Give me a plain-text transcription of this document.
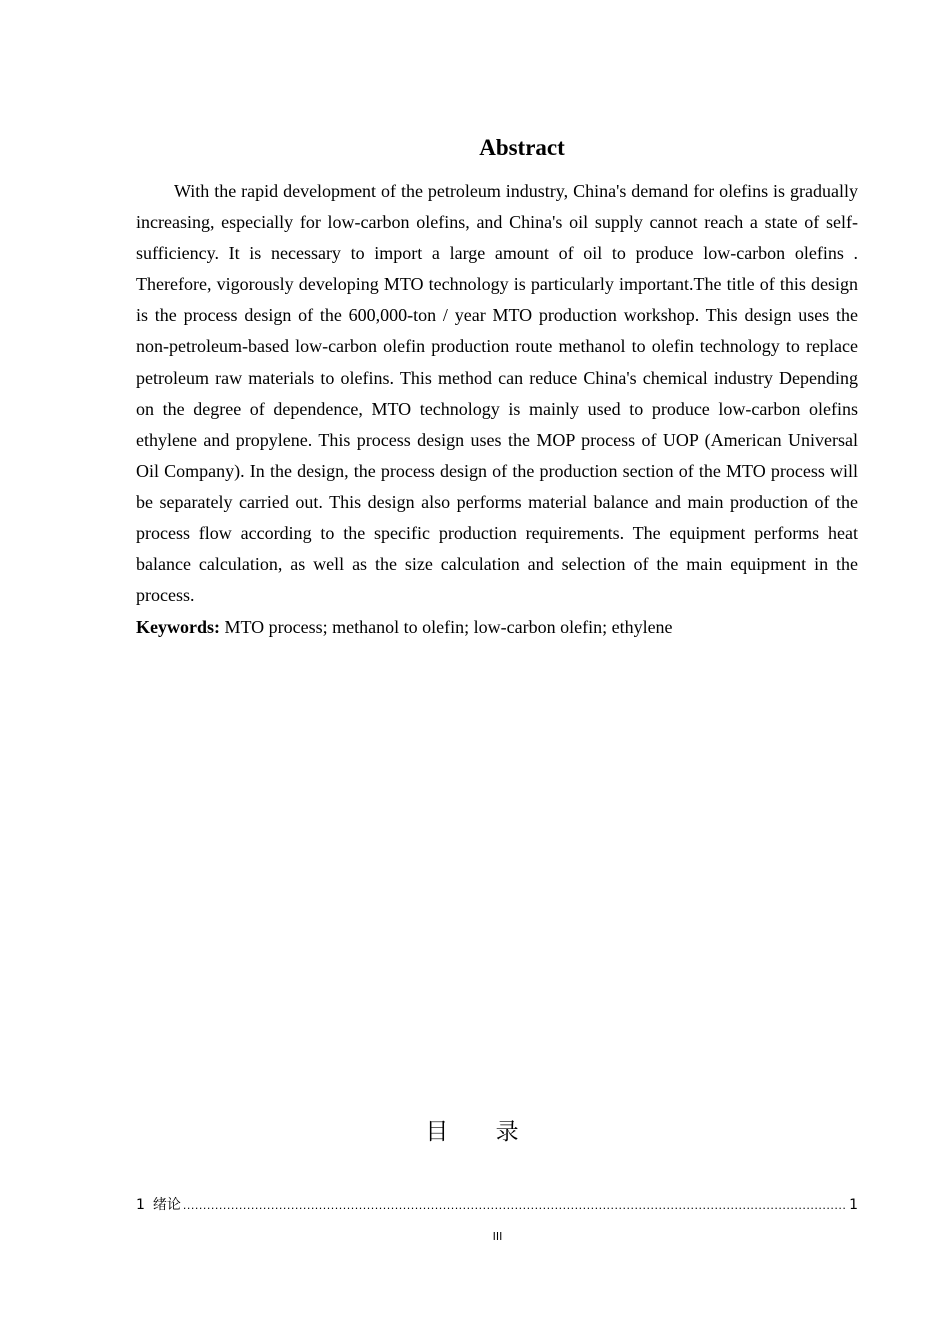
Abstract

With the rapid development of the petroleum industry, China's demand for olefins is gradually increasing, especially for low-carbon olefins, and China's oil supply cannot reach a state of self-sufficiency. It is necessary to import a large amount of oil to produce low-carbon olefins . Therefore, vigorously developing MTO technology is particularly important.The title of this design is the process design of the 600,000-ton / year MTO production workshop. This design uses the non-petroleum-based low-carbon olefin production route methanol to olefin technology to replace petroleum raw materials to olefins. This method can reduce China's chemical industry Depending on the degree of dependence, MTO technology is mainly used to produce low-carbon olefins ethylene and propylene. This process design uses the MOP process of UOP (American Universal Oil Company). In the design, the process design of the production section of the MTO process will be separately carried out. This design also performs material balance and main production of the process flow according to the specific production requirements. The equipment performs heat balance calculation, as well as the size calculation and selection of the main equipment in the process.

Keywords: MTO process; methanol to olefin; low-carbon olefin; ethylene

目 录
1 绪论
.....	1
III
